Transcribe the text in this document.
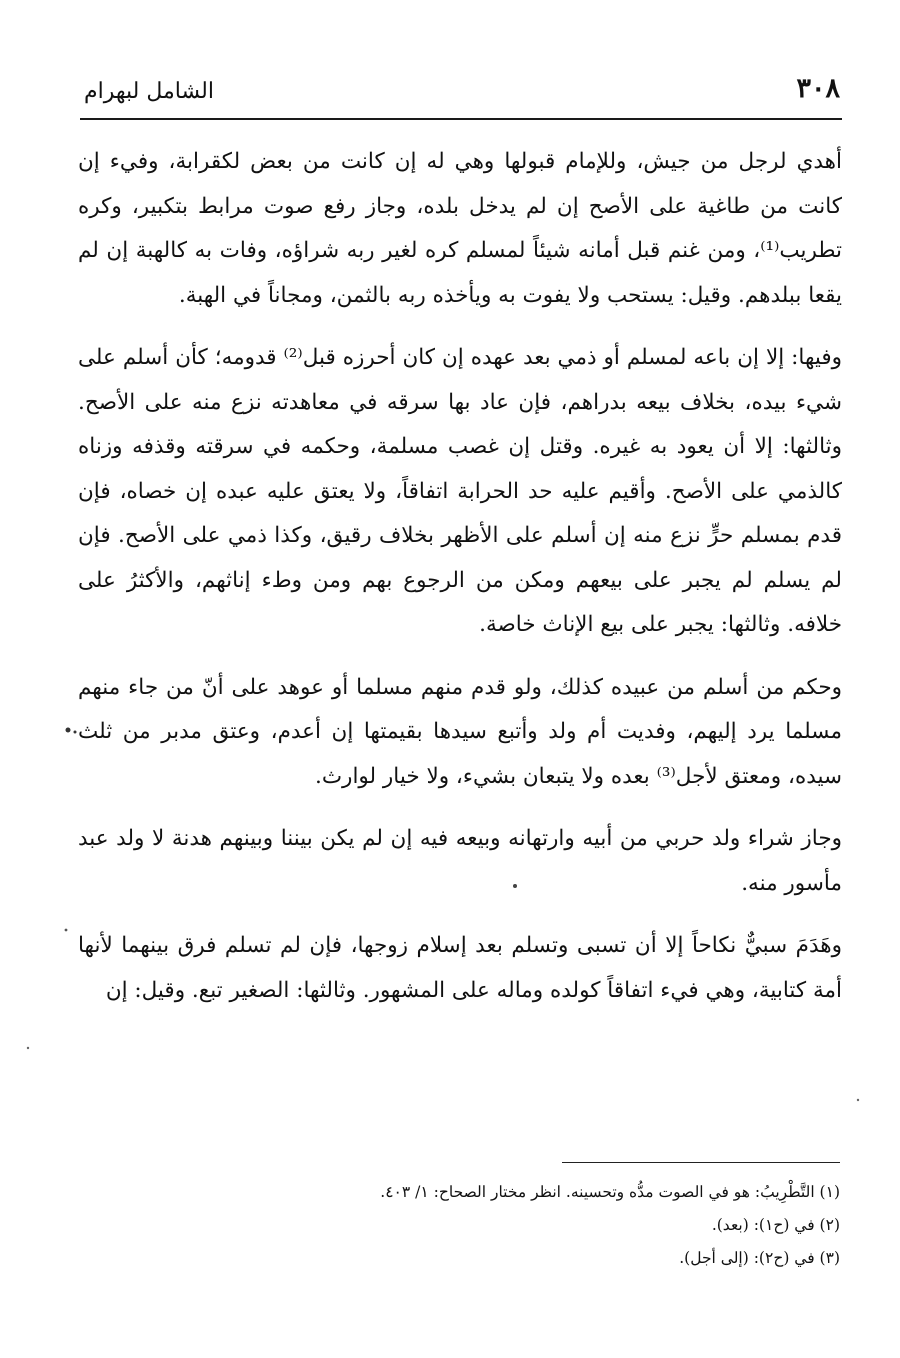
٣٠٨
الشامل لبهرام

أهدي لرجل من جيش، وللإمام قبولها وهي له إن كانت من بعض لكقرابة، وفيء إن كانت من طاغية على الأصح إن لم يدخل بلده، وجاز رفع صوت مرابط بتكبير، وكره تطريب⁽¹⁾، ومن غنم قبل أمانه شيئاً لمسلم كره لغير ربه شراؤه، وفات به كالهبة إن لم يقعا ببلدهم. وقيل: يستحب ولا يفوت به ويأخذه ربه بالثمن، ومجاناً في الهبة.

وفيها: إلا إن باعه لمسلم أو ذمي بعد عهده إن كان أحرزه قبل⁽²⁾ قدومه؛ كأن أسلم على شيء بيده، بخلاف بيعه بدراهم، فإن عاد بها سرقه في معاهدته نزع منه على الأصح. وثالثها: إلا أن يعود به غيره. وقتل إن غصب مسلمة، وحكمه في سرقته وقذفه وزناه كالذمي على الأصح. وأقيم عليه حد الحرابة اتفاقاً، ولا يعتق عليه عبده إن خصاه، فإن قدم بمسلم حرٍّ نزع منه إن أسلم على الأظهر بخلاف رقيق، وكذا ذمي على الأصح. فإن لم يسلم لم يجبر على بيعهم ومكن من الرجوع بهم ومن وطء إناثهم، والأكثرُ على خلافه. وثالثها: يجبر على بيع الإناث خاصة.

وحكم من أسلم من عبيده كذلك، ولو قدم منهم مسلما أو عوهد على أنّ من جاء منهم مسلما يرد إليهم، وفديت أم ولد وأتبع سيدها بقيمتها إن أعدم، وعتق مدبر من ثلث سيده، ومعتق لأجل⁽³⁾ بعده ولا يتبعان بشيء، ولا خيار لوارث.

وجاز شراء ولد حربي من أبيه وارتهانه وبيعه فيه إن لم يكن بيننا وبينهم هدنة لا ولد عبد مأسور منه.

وهَدَمَ سبيٌّ نكاحاً إلا أن تسبى وتسلم بعد إسلام زوجها، فإن لم تسلم فرق بينهما لأنها أمة كتابية، وهي فيء اتفاقاً كولده وماله على المشهور. وثالثها: الصغير تبع. وقيل: إن

(١) التَّطْرِيبُ: هو في الصوت مدُّه وتحسينه. انظر مختار الصحاح: ١/ ٤٠٣.

(٢) في (ح١): (بعد).

(٣) في (ح٢): (إلى أجل).
